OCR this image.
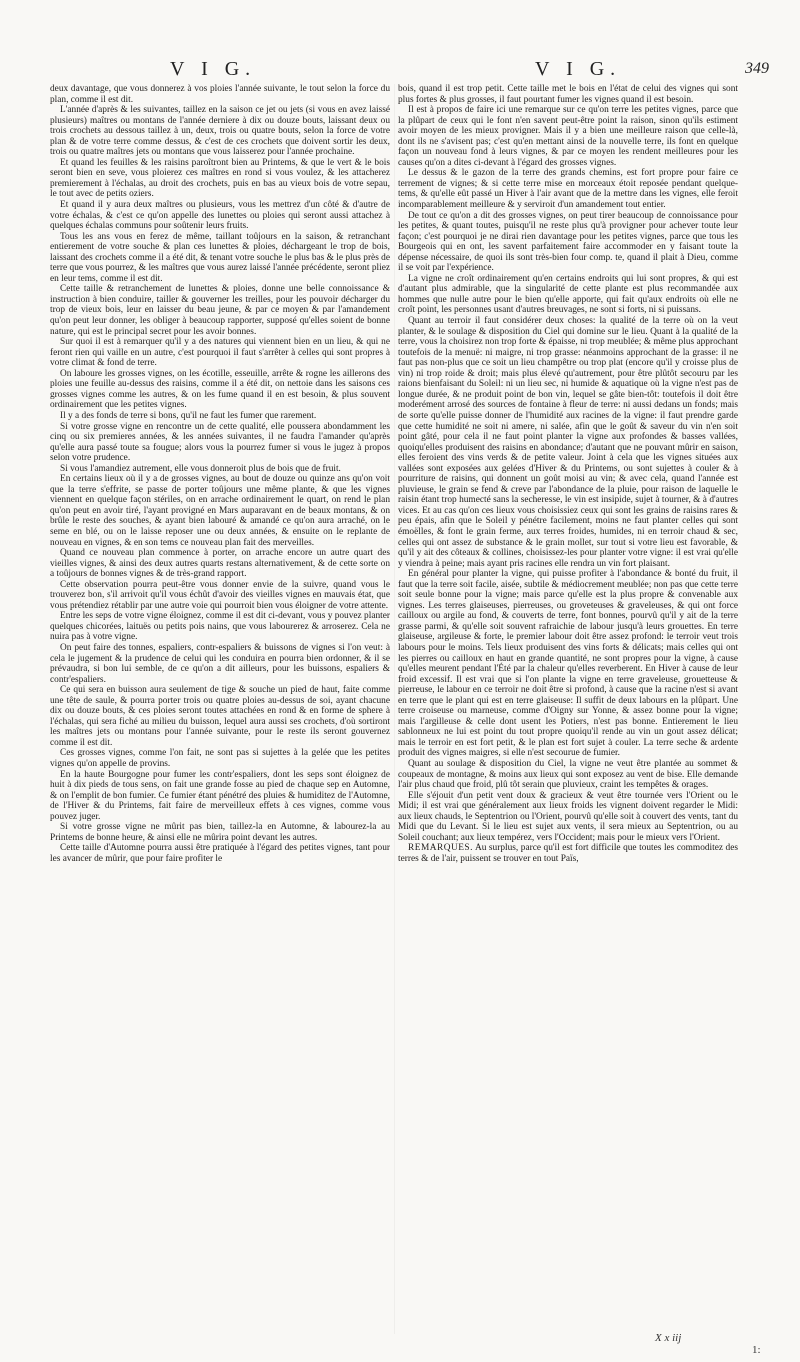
V I G.	V I G.	349

deux davantage, que vous donnerez à vos ploies l'année suivante, le tout selon la force du plan, comme il est dit.

L'année d'après & les suivantes, taillez en la saison ce jet ou jets (si vous en avez laissé plusieurs) maîtres ou montans de l'année derniere à dix ou douze bouts, laissant deux ou trois crochets au dessous taillez à un, deux, trois ou quatre bouts, selon la force de votre plan & de votre terre comme dessus, & c'est de ces crochets que doivent sortir les deux, trois ou quatre maîtres jets ou montans que vous laisserez pour l'année prochaine.

Et quand les feuilles & les raisins paroîtront bien au Printems, & que le vert & le bois seront bien en seve, vous ploierez ces maîtres en rond si vous voulez, & les attacherez premierement à l'échalas, au droit des crochets, puis en bas au vieux bois de votre sepau, le tout avec de petits oziers.

Et quand il y aura deux maîtres ou plusieurs, vous les mettrez d'un côté & d'autre de votre échalas, & c'est ce qu'on appelle des lunettes ou ploies qui seront aussi attachez à quelques échalas communs pour soûtenir leurs fruits.

Tous les ans vous en ferez de même, taillant toûjours en la saison, & retranchant entierement de votre souche & plan ces lunettes & ploies, déchargeant le trop de bois, laissant des crochets comme il a été dit, & tenant votre souche le plus bas & le plus près de terre que vous pourrez, & les maîtres que vous aurez laissé l'année précédente, seront pliez en leur tems, comme il est dit.

Cette taille & retranchement de lunettes & ploies, donne une belle connoissance & instruction à bien conduire, tailler & gouverner les treilles, pour les pouvoir décharger du trop de vieux bois, leur en laisser du beau jeune, & par ce moyen & par l'amandement qu'on peut leur donner, les obliger à beaucoup rapporter, supposé qu'elles soient de bonne nature, qui est le principal secret pour les avoir bonnes.

Sur quoi il est à remarquer qu'il y a des natures qui viennent bien en un lieu, & qui ne feront rien qui vaille en un autre, c'est pourquoi il faut s'arrêter à celles qui sont propres à votre climat & fond de terre.

On laboure les grosses vignes, on les écotille, esseuille, arrête & rogne les aillerons des ploies une feuille au-dessus des raisins, comme il a été dit, on nettoie dans les saisons ces grosses vignes comme les autres, & on les fume quand il en est besoin, & plus souvent ordinairement que les petites vignes.

Il y a des fonds de terre si bons, qu'il ne faut les fumer que rarement.

Si votre grosse vigne en rencontre un de cette qualité, elle poussera abondamment les cinq ou six premieres années, & les années suivantes, il ne faudra l'amander qu'après qu'elle aura passé toute sa fougue; alors vous la pourrez fumer si vous le jugez à propos selon votre prudence.

Si vous l'amandiez autrement, elle vous donneroit plus de bois que de fruit.

En certains lieux où il y a de grosses vignes, au bout de douze ou quinze ans qu'on voit que la terre s'effrite, se passe de porter toûjours une même plante, & que les vignes viennent en quelque façon stériles, on en arrache ordinairement le quart, on rend le plan qu'on peut en avoir tiré, l'ayant provigné en Mars auparavant en de beaux montans, & on brûle le reste des souches, & ayant bien labouré & amandé ce qu'on aura arraché, on le seme en blé, ou on le laisse reposer une ou deux années, & ensuite on le replante de nouveau en vignes, & en son tems ce nouveau plan fait des merveilles.

Quand ce nouveau plan commence à porter, on arrache encore un autre quart des vieilles vignes, & ainsi des deux autres quarts restans alternativement, & de cette sorte on a toûjours de bonnes vignes & de très-grand rapport.

Cette observation pourra peut-être vous donner envie de la suivre, quand vous le trouverez bon, s'il arrivoit qu'il vous échût d'avoir des vieilles vignes en mauvais état, que vous prétendiez rétablir par une autre voie qui pourroit bien vous éloigner de votre attente.

Entre les seps de votre vigne éloignez, comme il est dit ci-devant, vous y pouvez planter quelques chicorées, laituës ou petits pois nains, que vous labourerez & arroserez. Cela ne nuira pas à votre vigne.

On peut faire des tonnes, espaliers, contr-espaliers & buissons de vignes si l'on veut: à cela le jugement & la prudence de celui qui les conduira en pourra bien ordonner, & il se prévaudra, si bon lui semble, de ce qu'on a dit ailleurs, pour les buissons, espaliers & contr'espaliers.

Ce qui sera en buisson aura seulement de tige & souche un pied de haut, faite comme une tête de saule, & pourra porter trois ou quatre ploies au-dessus de soi, ayant chacune dix ou douze bouts, & ces ploies seront toutes attachées en rond & en forme de sphere à l'échalas, qui sera fiché au milieu du buisson, lequel aura aussi ses crochets, d'où sortiront les maîtres jets ou montans pour l'année suivante, pour le reste ils seront gouvernez comme il est dit.

Ces grosses vignes, comme l'on fait, ne sont pas si sujettes à la gelée que les petites vignes qu'on appelle de provins.

En la haute Bourgogne pour fumer les contr'espaliers, dont les seps sont éloignez de huit à dix pieds de tous sens, on fait une grande fosse au pied de chaque sep en Automne, & on l'emplit de bon fumier. Ce fumier étant pénétré des pluies & humiditez de l'Automne, de l'Hiver & du Printems, fait faire de merveilleux effets à ces vignes, comme vous pouvez juger.

Si votre grosse vigne ne mûrit pas bien, taillez-la en Automne, & labourez-la au Printems de bonne heure, & ainsi elle ne mûrira point devant les autres.

Cette taille d'Automne pourra aussi être pratiquée à l'égard des petites vignes, tant pour les avancer de mûrir, que pour faire profiter le

bois, quand il est trop petit. Cette taille met le bois en l'état de celui des vignes qui sont plus fortes & plus grosses, il faut pourtant fumer les vignes quand il est besoin.

Il est à propos de faire ici une remarque sur ce qu'on terre les petites vignes, parce que la plûpart de ceux qui le font n'en savent peut-être point la raison, sinon qu'ils estiment avoir moyen de les mieux provigner. Mais il y a bien une meilleure raison que celle-là, dont ils ne s'avisent pas; c'est qu'en mettant ainsi de la nouvelle terre, ils font en quelque façon un nouveau fond à leurs vignes, & par ce moyen les rendent meilleures pour les causes qu'on a dites ci-devant à l'égard des grosses vignes.

Le dessus & le gazon de la terre des grands chemins, est fort propre pour faire ce terrement de vignes; & si cette terre mise en morceaux étoit reposée pendant quelque-tems, & qu'elle eût passé un Hiver à l'air avant que de la mettre dans les vignes, elle feroit incomparablement meilleure & y serviroit d'un amandement tout entier.

De tout ce qu'on a dit des grosses vignes, on peut tirer beaucoup de connoissance pour les petites, & quant toutes, puisqu'il ne reste plus qu'à provigner pour achever toute leur façon; c'est pourquoi je ne dirai rien davantage pour les petites vignes, parce que tous les Bourgeois qui en ont, les savent parfaitement faire accommoder en y faisant toute la dépense nécessaire, de quoi ils sont très-bien four comp. te, quand il plait à Dieu, comme il se voit par l'expérience.

La vigne ne croît ordinairement qu'en certains endroits qui lui sont propres, & qui est d'autant plus admirable, que la singularité de cette plante est plus recommandée aux hommes que nulle autre pour le bien qu'elle apporte, qui fait qu'aux endroits où elle ne croît point, les personnes usant d'autres breuvages, ne sont si forts, ni si puissans.

Quant au terroir il faut considérer deux choses: la qualité de la terre où on la veut planter, & le soulage & disposition du Ciel qui domine sur le lieu. Quant à la qualité de la terre, vous la choisirez non trop forte & épaisse, ni trop meublée; & même plus approchant toutefois de la menuë: ni maigre, ni trop grasse: néanmoins approchant de la grasse: il ne faut pas non-plus que ce soit un lieu champêtre ou trop plat (encore qu'il y croisse plus de vin) ni trop roide & droit; mais plus élevé qu'autrement, pour être plûtôt secouru par les raions bienfaisant du Soleil: ni un lieu sec, ni humide & aquatique où la vigne n'est pas de longue durée, & ne produit point de bon vin, lequel se gâte bien-tôt: toutefois il doit être moderément arrosé des sources de fontaine à fleur de terre: ni aussi dedans un fonds; mais de sorte qu'elle puisse donner de l'humidité aux racines de la vigne: il faut prendre garde que cette humidité ne soit ni amere, ni salée, afin que le goût & saveur du vin n'en soit point gâté, pour cela il ne faut point planter la vigne aux profondes & basses vallées, quoiqu'elles produisent des raisins en abondance; d'autant que ne pouvant mûrir en saison, elles feroient des vins verds & de petite valeur. Joint à cela que les vignes situées aux vallées sont exposées aux gelées d'Hiver & du Printems, ou sont sujettes à couler & à pourriture de raisins, qui donnent un goût moisi au vin; & avec cela, quand l'année est pluvieuse, le grain se fend & creve par l'abondance de la pluie, pour raison de laquelle le raisin étant trop humecté sans la secheresse, le vin est insipide, sujet à tourner, & à d'autres vices. Et au cas qu'on ces lieux vous choisissiez ceux qui sont les grains de raisins rares & peu épais, afin que le Soleil y pénétre facilement, moins ne faut planter celles qui sont émoëlles, & font le grain ferme, aux terres froides, humides, ni en terroir chaud & sec, celles qui ont assez de substance & le grain mollet, sur tout si votre lieu est favorable, & qu'il y ait des côteaux & collines, choisissez-les pour planter votre vigne: il est vrai qu'elle y viendra à peine; mais ayant pris racines elle rendra un vin fort plaisant.

En général pour planter la vigne, qui puisse profiter à l'abondance & bonté du fruit, il faut que la terre soit facile, aisée, subtile & médiocrement meublée; non pas que cette terre soit seule bonne pour la vigne; mais parce qu'elle est la plus propre & convenable aux vignes. Les terres glaiseuses, pierreuses, ou groveteuses & graveleuses, & qui ont force cailloux ou argile au fond, & couverts de terre, font bonnes, pourvû qu'il y ait de la terre grasse parmi, & qu'elle soit souvent rafraichie de labour jusqu'à leurs grouettes. En terre glaiseuse, argileuse & forte, le premier labour doit être assez profond: le terroir veut trois labours pour le moins. Tels lieux produisent des vins forts & délicats; mais celles qui ont les pierres ou cailloux en haut en grande quantité, ne sont propres pour la vigne, à cause qu'elles meurent pendant l'Été par la chaleur qu'elles reverberent. En Hiver à cause de leur froid excessif. Il est vrai que si l'on plante la vigne en terre graveleuse, grouetteuse & pierreuse, le labour en ce terroir ne doit être si profond, à cause que la racine n'est si avant en terre que le plant qui est en terre glaiseuse: Il suffit de deux labours en la plûpart. Une terre croiseuse ou marneuse, comme d'Oigny sur Yonne, & assez bonne pour la vigne; mais l'argilleuse & celle dont usent les Potiers, n'est pas bonne. Entierement le lieu sablonneux ne lui est point du tout propre quoiqu'il rende au vin un gout assez délicat; mais le terroir en est fort petit, & le plan est fort sujet à couler. La terre seche & ardente produit des vignes maigres, si elle n'est secourue de fumier.

Quant au soulage & disposition du Ciel, la vigne ne veut être plantée au sommet & coupeaux de montagne, & moins aux lieux qui sont exposez au vent de bise. Elle demande l'air plus chaud que froid, plû tôt serain que pluvieux, craint les tempêtes & orages.

Elle s'éjouit d'un petit vent doux & gracieux & veut être tournée vers l'Orient ou le Midi; il est vrai que généralement aux lieux froids les vignent doivent regarder le Midi: aux lieux chauds, le Septentrion ou l'Orient, pourvû qu'elle soit à couvert des vents, tant du Midi que du Levant. Si le lieu est sujet aux vents, il sera mieux au Septentrion, ou au Soleil couchant; aux lieux tempérez, vers l'Occident; mais pour le mieux vers l'Orient.

REMARQUES. Au surplus, parce qu'il est fort difficile que toutes les commoditez des terres & de l'air, puissent se trouver en tout Païs,

X x iij
1:
